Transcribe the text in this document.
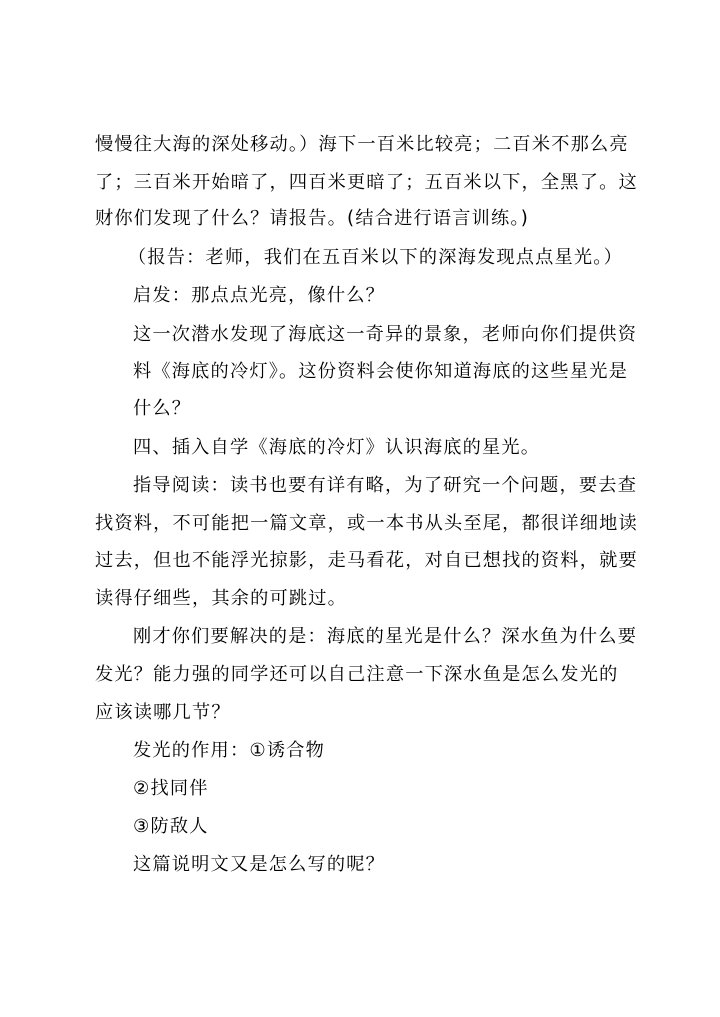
慢慢往大海的深处移动。）海下一百米比较亮；二百米不那么亮
了；三百米开始暗了，四百米更暗了；五百米以下，全黑了。这
财你们发现了什么？请报告。(结合进行语言训练。)
（报告：老师，我们在五百米以下的深海发现点点星光。）
启发：那点点光亮，像什么？
这一次潜水发现了海底这一奇异的景象，老师向你们提供资
料《海底的冷灯》。这份资料会使你知道海底的这些星光是
什么？
四、插入自学《海底的冷灯》认识海底的星光。
指导阅读：读书也要有详有略，为了研究一个问题，要去查
找资料，不可能把一篇文章，或一本书从头至尾，都很详细地读
过去，但也不能浮光掠影，走马看花，对自已想找的资料，就要
读得仔细些，其余的可跳过。
刚才你们要解决的是：海底的星光是什么？深水鱼为什么要
发光？能力强的同学还可以自己注意一下深水鱼是怎么发光的
应该读哪几节？
发光的作用：①诱合物
②找同伴
③防敌人
这篇说明文又是怎么写的呢？
